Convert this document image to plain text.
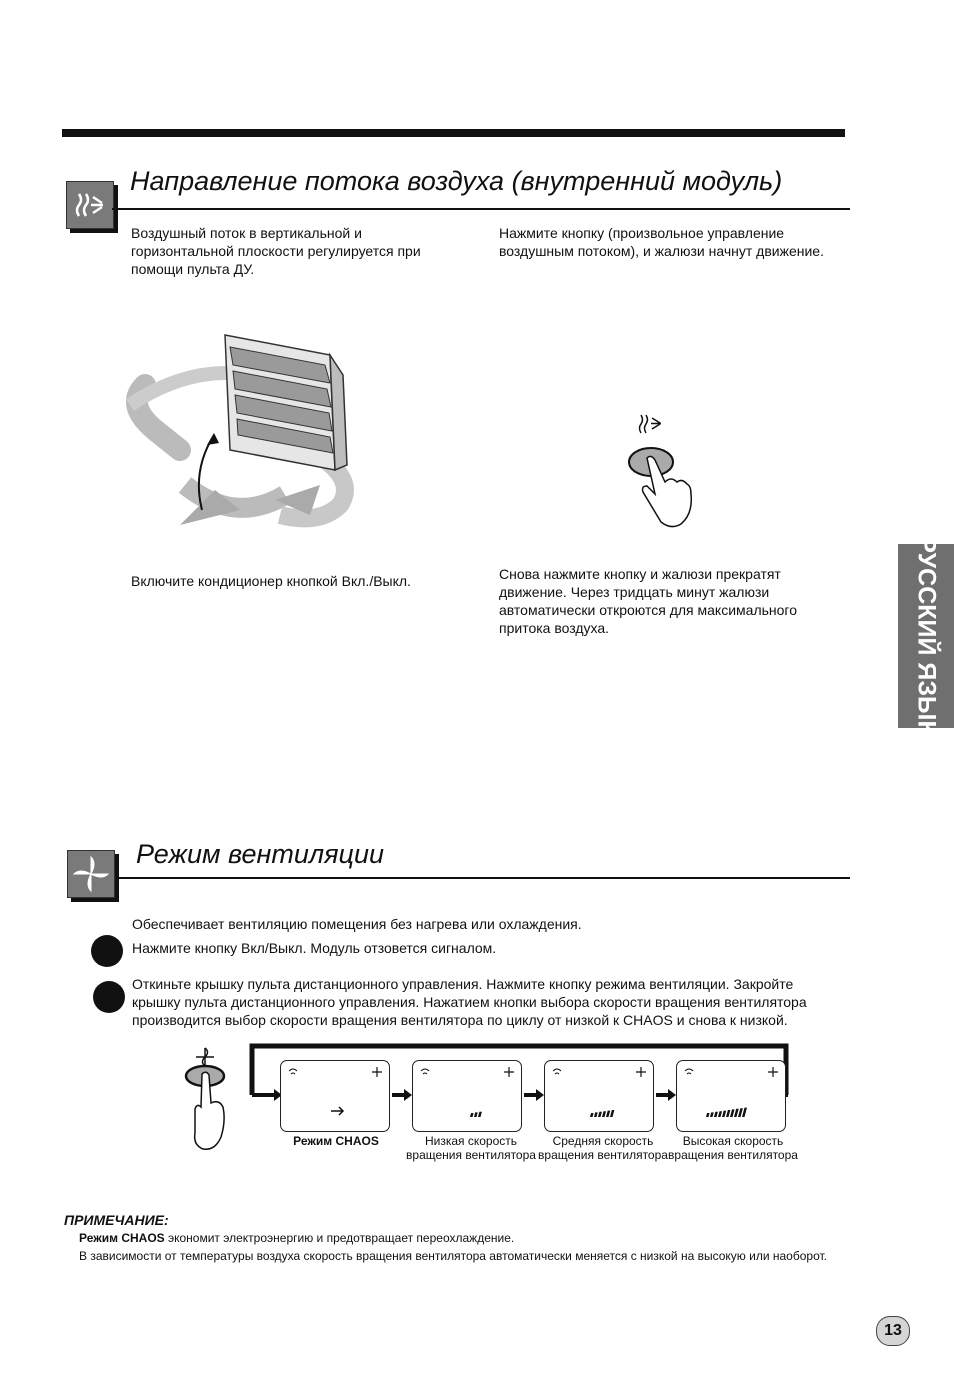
Направление потока воздуха (внутренний модуль)
Воздушный поток в вертикальной и
горизонтальной плоскости регулируется при
помощи пульта ДУ.
Нажмите кнопку (произвольное управление
воздушным потоком), и жалюзи начнут движение.
Включите кондиционер кнопкой Вкл./Выкл.	Снова нажмите кнопку и жалюзи прекратят
движение. Через тридцать минут жалюзи
автоматически откроются для максимального
притока воздуха.	РУССКИЙ ЯЗЫК
Режим вентиляции
Обеспечивает вентиляцию помещения без нагрева или охлаждения.
Нажмите кнопку Вкл/Выкл. Модуль отзовется сигналом.
Откиньте крышку пульта дистанционного управления. Нажмите кнопку режима вентиляции. Закройте
крышку пульта дистанционного управления. Нажатием кнопки выбора скорости вращения вентилятора
производится выбор скорости вращения вентилятора по циклу от низкой к CHAOS и снова к низкой.
Режим CHAOS	Низкая скорость
вращения вентилятора
Средняя скорость
вращения вентилятора
Высокая скорость
вращения вентилятора
ПРИМЕЧАНИЕ:
Режим CHAOS экономит электроэнергию и предотвращает переохлаждение.
В зависимости от температуры воздуха скорость вращения вентилятора автоматически меняется с низкой на высокую или наоборот.
13
